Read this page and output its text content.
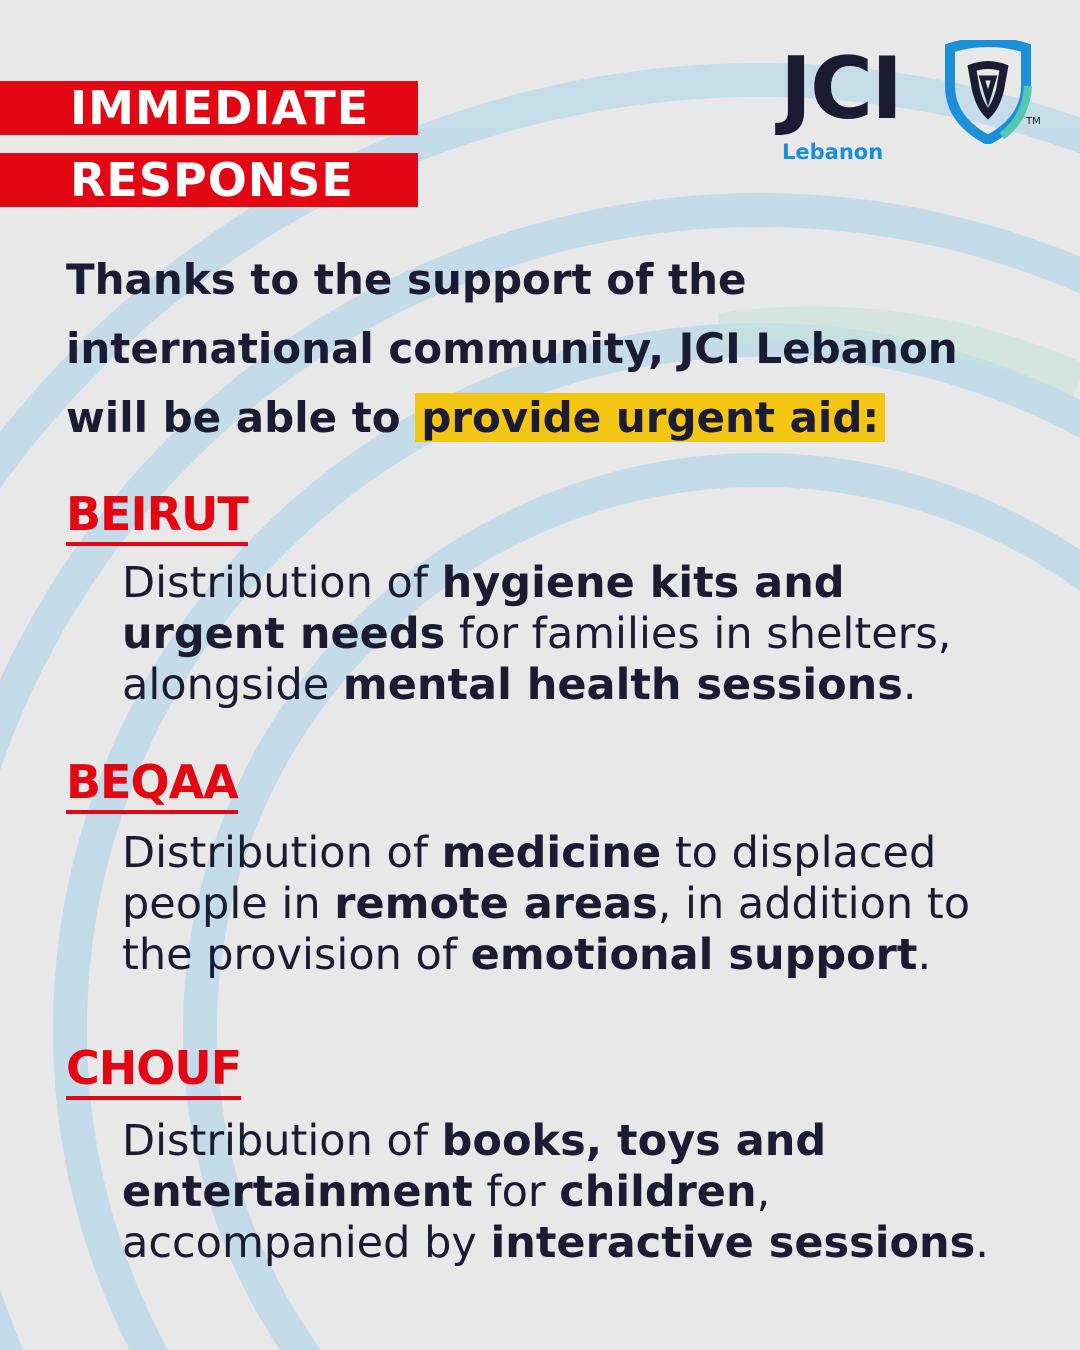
IMMEDIATE
RESPONSE
JCI	TM
Lebanon
Thanks to the support of the
international community, JCI Lebanon
will be able to provide urgent aid:
BEIRUT
Distribution of hygiene kits and urgent needs for families in shelters, alongside mental health sessions.
BEQAA
Distribution of medicine to displaced people in remote areas, in addition to the provision of emotional support.
CHOUF
Distribution of books, toys and entertainment for children, accompanied by interactive sessions.
